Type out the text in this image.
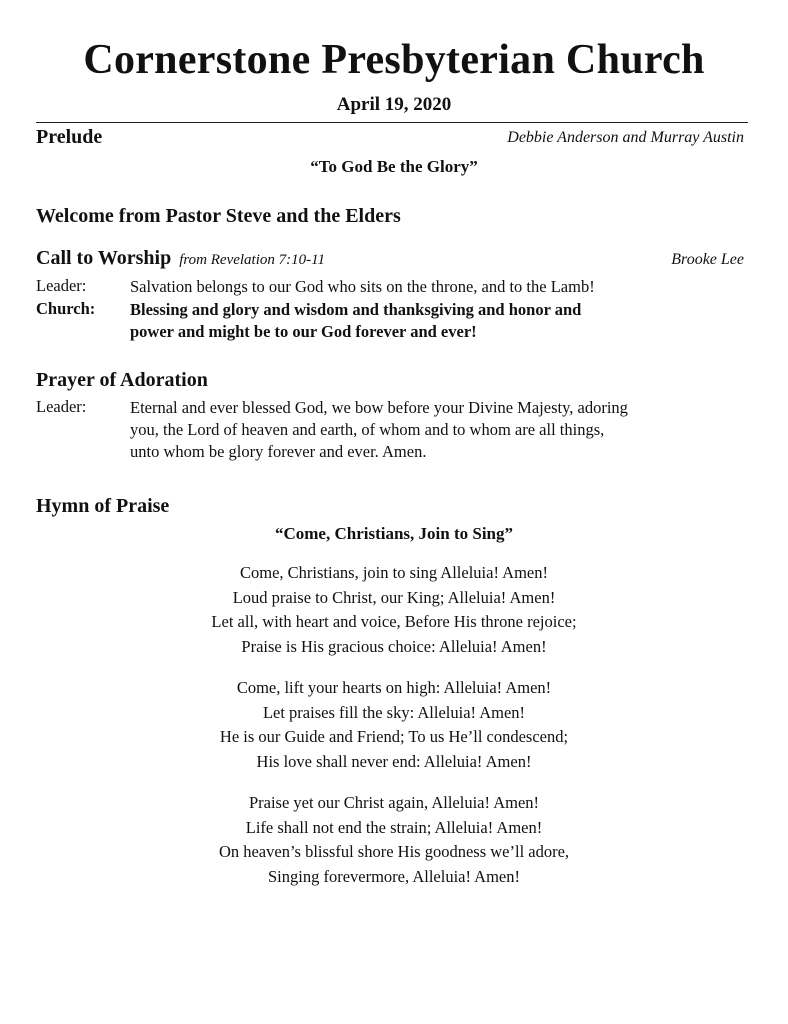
Cornerstone Presbyterian Church
April 19, 2020
Prelude	Debbie Anderson and Murray Austin
“To God Be the Glory”
Welcome from Pastor Steve and the Elders
Call to Worship from Revelation 7:10-11	Brooke Lee
Leader:	Salvation belongs to our God who sits on the throne, and to the Lamb!
Church: Blessing and glory and wisdom and thanksgiving and honor and
power and might be to our God forever and ever!
Prayer of Adoration
Leader:	Eternal and ever blessed God, we bow before your Divine Majesty, adoring
you, the Lord of heaven and earth, of whom and to whom are all things,
unto whom be glory forever and ever. Amen.
Hymn of Praise
“Come, Christians, Join to Sing”
Come, Christians, join to sing Alleluia! Amen!
Loud praise to Christ, our King; Alleluia! Amen!
Let all, with heart and voice, Before His throne rejoice;
Praise is His gracious choice: Alleluia! Amen!
Come, lift your hearts on high: Alleluia! Amen!
Let praises fill the sky: Alleluia! Amen!
He is our Guide and Friend; To us He’ll condescend;
His love shall never end: Alleluia! Amen!
Praise yet our Christ again, Alleluia! Amen!
Life shall not end the strain; Alleluia! Amen!
On heaven’s blissful shore His goodness we’ll adore,
Singing forevermore, Alleluia! Amen!
